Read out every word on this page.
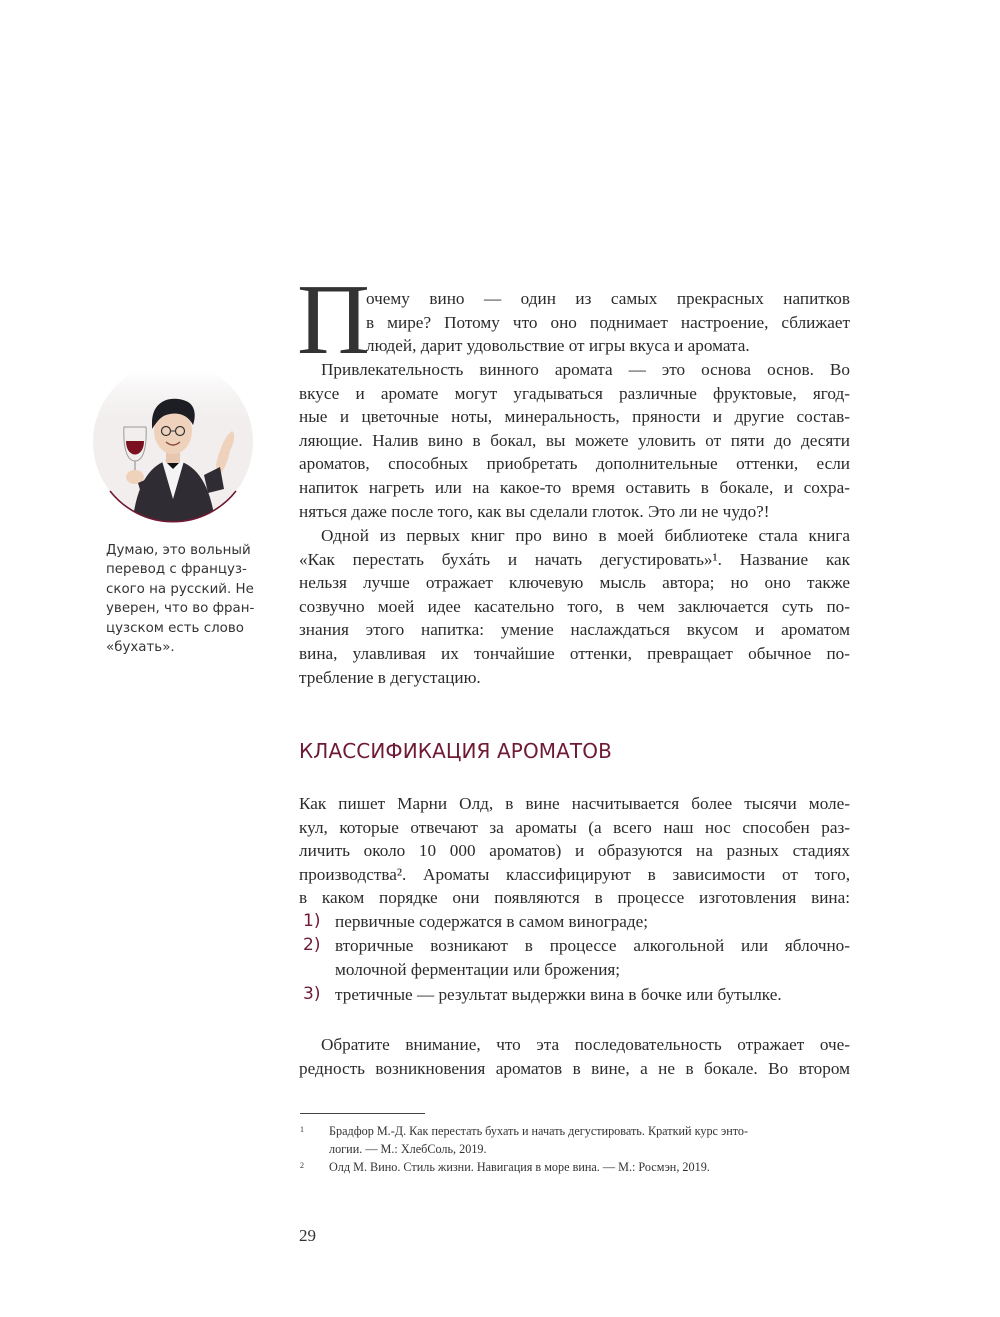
П

очему вино — один из самых прекрасных напитков
в мире? Потому что оно поднимает настроение, сближает
людей, дарит удовольствие от игры вкуса и аромата.

Привлекательность винного аромата — это основа основ. Во
вкусе и аромате могут угадываться различные фруктовые, ягод-
ные и цветочные ноты, минеральность, пряности и другие состав-
ляющие. Налив вино в бокал, вы можете уловить от пяти до десяти
ароматов, способных приобретать дополнительные оттенки, если
напиток нагреть или на какое-то время оставить в бокале, и сохра-
няться даже после того, как вы сделали глоток. Это ли не чудо?!

Одной из первых книг про вино в моей библиотеке стала книга
«Как перестать бухáть и начать дегустировать»¹. Название как
нельзя лучше отражает ключевую мысль автора; но оно также
созвучно моей идее касательно того, в чем заключается суть по-
знания этого напитка: умение наслаждаться вкусом и ароматом
вина, улавливая их тончайшие оттенки, превращает обычное по-
требление в дегустацию.

Думаю, это вольный
перевод с француз-
ского на русский. Не
уверен, что во фран-
цузском есть слово
«бухать».
КЛАССИФИКАЦИЯ АРОМАТОВ

Как пишет Марни Олд, в вине насчитывается более тысячи моле-
кул, которые отвечают за ароматы (а всего наш нос способен раз-
личить около 10 000 ароматов) и образуются на разных стадиях
производства². Ароматы классифицируют в зависимости от того,
в каком порядке они появляются в процессе изготовления вина:

1) первичные содержатся в самом винограде;

2) вторичные возникают в процессе алкогольной или яблочно-
молочной ферментации или брожения;

3) третичные — результат выдержки вина в бочке или бутылке.

Обратите внимание, что эта последовательность отражает оче-
редность возникновения ароматов в вине, а не в бокале. Во втором

1 Брадфор М.-Д. Как перестать бухать и начать дегустировать. Краткий курс энто-
логии. — М.: ХлебСоль, 2019.
2 Олд М. Вино. Стиль жизни. Навигация в море вина. — М.: Росмэн, 2019.
29
